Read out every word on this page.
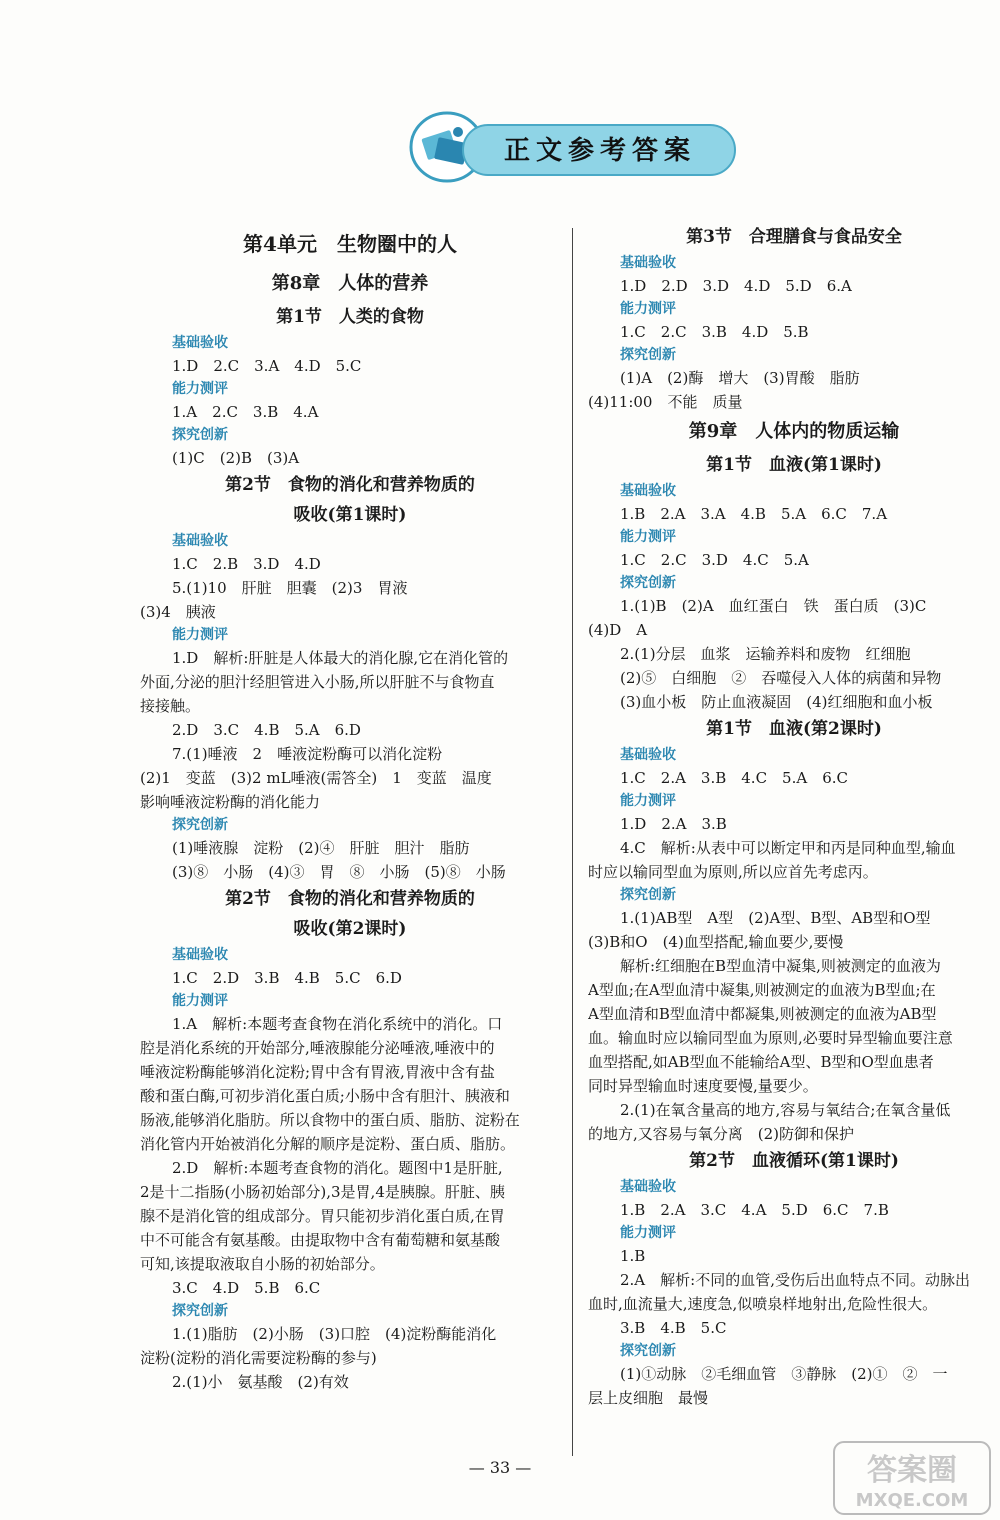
正文参考答案
第4单元　生物圈中的人
第8章　人体的营养
第1节　人类的食物
基础验收
1.D　2.C　3.A　4.D　5.C
能力测评
1.A　2.C　3.B　4.A
探究创新
(1)C　(2)B　(3)A
第2节　食物的消化和营养物质的
吸收(第1课时)
基础验收
1.C　2.B　3.D　4.D
5.(1)10　肝脏　胆囊　(2)3　胃液
(3)4　胰液
能力测评
1.D　解析:肝脏是人体最大的消化腺,它在消化管的
外面,分泌的胆汁经胆管进入小肠,所以肝脏不与食物直
接接触。
2.D　3.C　4.B　5.A　6.D
7.(1)唾液　2　唾液淀粉酶可以消化淀粉
(2)1　变蓝　(3)2 mL唾液(需答全)　1　变蓝　温度
影响唾液淀粉酶的消化能力
探究创新
(1)唾液腺　淀粉　(2)④　肝脏　胆汁　脂肪
(3)⑧　小肠　(4)③　胃　⑧　小肠　(5)⑧　小肠
第2节　食物的消化和营养物质的
吸收(第2课时)
基础验收
1.C　2.D　3.B　4.B　5.C　6.D
能力测评
1.A　解析:本题考查食物在消化系统中的消化。口
腔是消化系统的开始部分,唾液腺能分泌唾液,唾液中的
唾液淀粉酶能够消化淀粉;胃中含有胃液,胃液中含有盐
酸和蛋白酶,可初步消化蛋白质;小肠中含有胆汁、胰液和
肠液,能够消化脂肪。所以食物中的蛋白质、脂肪、淀粉在
消化管内开始被消化分解的顺序是淀粉、蛋白质、脂肪。
2.D　解析:本题考查食物的消化。题图中1是肝脏,
2是十二指肠(小肠初始部分),3是胃,4是胰腺。肝脏、胰
腺不是消化管的组成部分。胃只能初步消化蛋白质,在胃
中不可能含有氨基酸。由提取物中含有葡萄糖和氨基酸
可知,该提取液取自小肠的初始部分。
3.C　4.D　5.B　6.C
探究创新
1.(1)脂肪　(2)小肠　(3)口腔　(4)淀粉酶能消化
淀粉(淀粉的消化需要淀粉酶的参与)
2.(1)小　氨基酸　(2)有效
第3节　合理膳食与食品安全
基础验收
1.D　2.D　3.D　4.D　5.D　6.A
能力测评
1.C　2.C　3.B　4.D　5.B
探究创新
(1)A　(2)酶　增大　(3)胃酸　脂肪
(4)11:00　不能　质量
第9章　人体内的物质运输
第1节　血液(第1课时)
基础验收
1.B　2.A　3.A　4.B　5.A　6.C　7.A
能力测评
1.C　2.C　3.D　4.C　5.A
探究创新
1.(1)B　(2)A　血红蛋白　铁　蛋白质　(3)C
(4)D　A
2.(1)分层　血浆　运输养料和废物　红细胞
(2)⑤　白细胞　②　吞噬侵入人体的病菌和异物
(3)血小板　防止血液凝固　(4)红细胞和血小板
第1节　血液(第2课时)
基础验收
1.C　2.A　3.B　4.C　5.A　6.C
能力测评
1.D　2.A　3.B
4.C　解析:从表中可以断定甲和丙是同种血型,输血
时应以输同型血为原则,所以应首先考虑丙。
探究创新
1.(1)AB型　A型　(2)A型、B型、AB型和O型
(3)B和O　(4)血型搭配,输血要少,要慢
解析:红细胞在B型血清中凝集,则被测定的血液为
A型血;在A型血清中凝集,则被测定的血液为B型血;在
A型血清和B型血清中都凝集,则被测定的血液为AB型
血。输血时应以输同型血为原则,必要时异型输血要注意
血型搭配,如AB型血不能输给A型、B型和O型血患者
同时异型输血时速度要慢,量要少。
2.(1)在氧含量高的地方,容易与氧结合;在氧含量低
的地方,又容易与氧分离　(2)防御和保护
第2节　血液循环(第1课时)
基础验收
1.B　2.A　3.C　4.A　5.D　6.C　7.B
能力测评
1.B
2.A　解析:不同的血管,受伤后出血特点不同。动脉出
血时,血流量大,速度急,似喷泉样地射出,危险性很大。
3.B　4.B　5.C
探究创新
(1)①动脉　②毛细血管　③静脉　(2)①　②　一
层上皮细胞　最慢
— 33 —	答案圈
MXQE.COM
